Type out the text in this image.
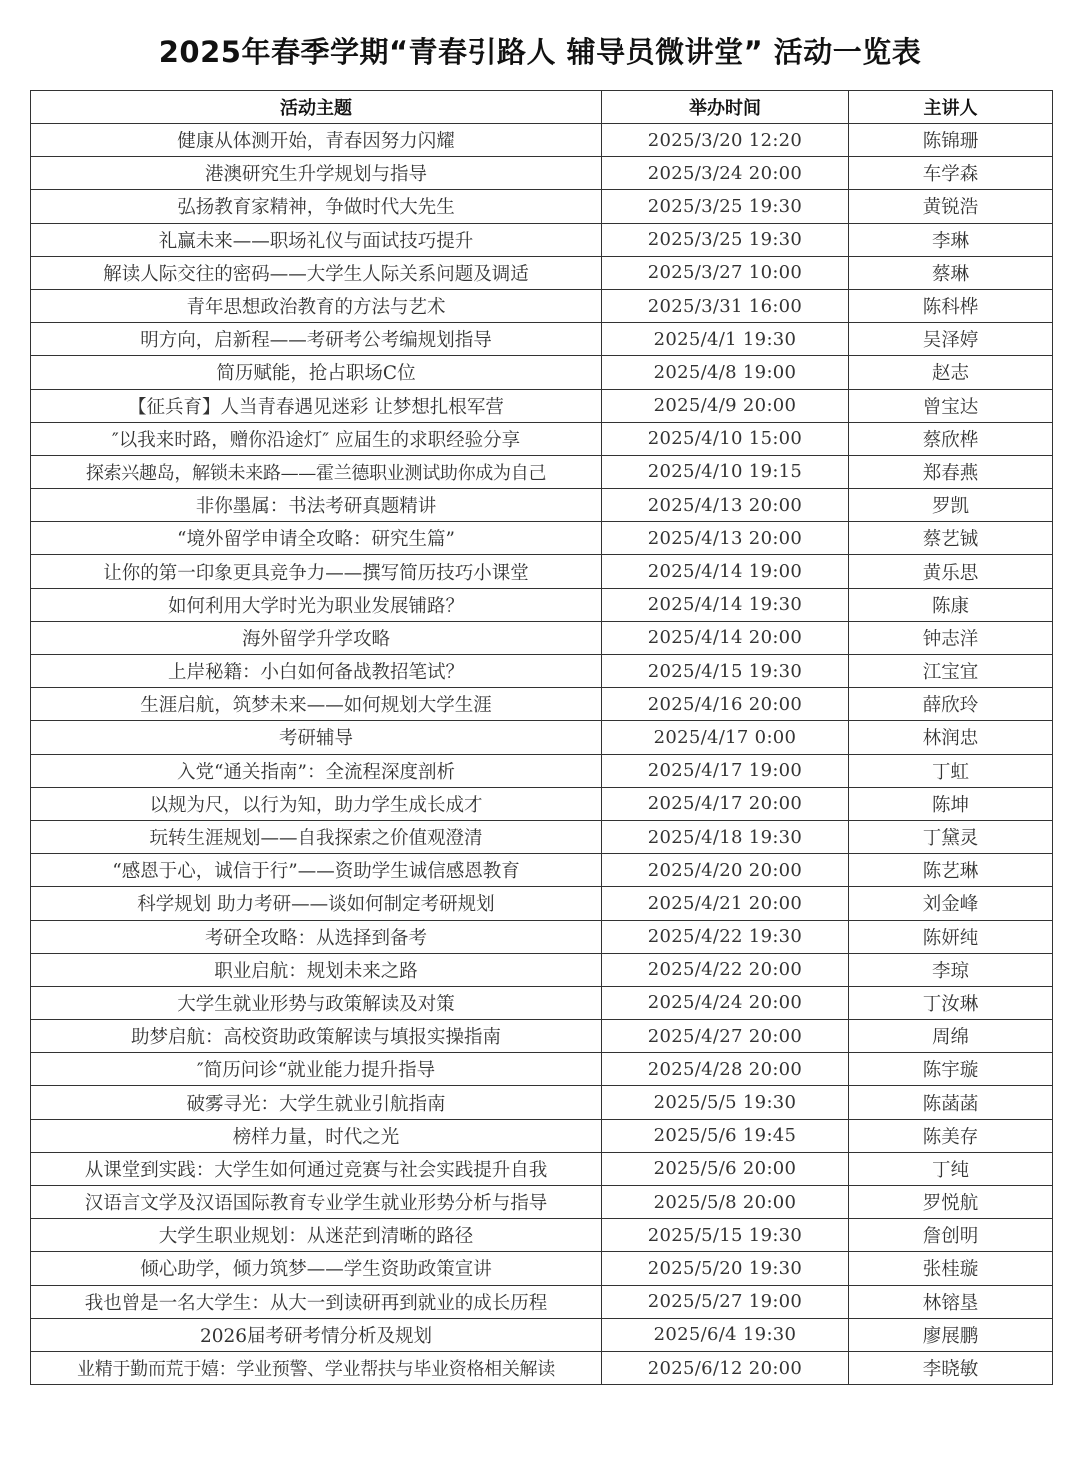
2025年春季学期“青春引路人 辅导员微讲堂” 活动一览表
活动主题	举办时间	主讲人
健康从体测开始，青春因努力闪耀	2025/3/20 12:20	陈锦珊
港澳研究生升学规划与指导	2025/3/24 20:00	车学森
弘扬教育家精神，争做时代大先生	2025/3/25 19:30	黄锐浩
礼赢未来——职场礼仪与面试技巧提升	2025/3/25 19:30	李琳
解读人际交往的密码——大学生人际关系问题及调适	2025/3/27 10:00	蔡琳
青年思想政治教育的方法与艺术	2025/3/31 16:00	陈科桦
明方向，启新程——考研考公考编规划指导	2025/4/1 19:30	吴泽婷
简历赋能，抢占职场C位	2025/4/8 19:00	赵志
【征兵育】人当青春遇见迷彩 让梦想扎根军营	2025/4/9 20:00	曾宝达
″以我来时路，赠你沿途灯″ 应届生的求职经验分享	2025/4/10 15:00	蔡欣桦
探索兴趣岛，解锁未来路——霍兰德职业测试助你成为自己	2025/4/10 19:15	郑春燕
非你墨属：书法考研真题精讲	2025/4/13 20:00	罗凯
“境外留学申请全攻略：研究生篇”	2025/4/13 20:00	蔡艺铖
让你的第一印象更具竞争力——撰写简历技巧小课堂	2025/4/14 19:00	黄乐思
如何利用大学时光为职业发展铺路？	2025/4/14 19:30	陈康
海外留学升学攻略	2025/4/14 20:00	钟志洋
上岸秘籍：小白如何备战教招笔试？	2025/4/15 19:30	江宝宜
生涯启航，筑梦未来——如何规划大学生涯	2025/4/16 20:00	薛欣玲
考研辅导	2025/4/17 0:00	林润忠
入党“通关指南”：全流程深度剖析	2025/4/17 19:00	丁虹
以规为尺，以行为知，助力学生成长成才	2025/4/17 20:00	陈坤
玩转生涯规划——自我探索之价值观澄清	2025/4/18 19:30	丁黛灵
“感恩于心，诚信于行”——资助学生诚信感恩教育	2025/4/20 20:00	陈艺琳
科学规划 助力考研——谈如何制定考研规划	2025/4/21 20:00	刘金峰
考研全攻略：从选择到备考	2025/4/22 19:30	陈妍纯
职业启航：规划未来之路	2025/4/22 20:00	李琼
大学生就业形势与政策解读及对策	2025/4/24 20:00	丁汝琳
助梦启航：高校资助政策解读与填报实操指南	2025/4/27 20:00	周绵
″简历问诊“就业能力提升指导	2025/4/28 20:00	陈宇璇
破雾寻光：大学生就业引航指南	2025/5/5 19:30	陈菡菡
榜样力量，时代之光	2025/5/6 19:45	陈美存
从课堂到实践：大学生如何通过竞赛与社会实践提升自我	2025/5/6 20:00	丁纯
汉语言文学及汉语国际教育专业学生就业形势分析与指导	2025/5/8 20:00	罗悦航
大学生职业规划：从迷茫到清晰的路径	2025/5/15 19:30	詹创明
倾心助学，倾力筑梦——学生资助政策宣讲	2025/5/20 19:30	张桂璇
我也曾是一名大学生：从大一到读研再到就业的成长历程	2025/5/27 19:00	林镕垦
2026届考研考情分析及规划	2025/6/4 19:30	廖展鹏
业精于勤而荒于嬉：学业预警、学业帮扶与毕业资格相关解读	2025/6/12 20:00	李晓敏
